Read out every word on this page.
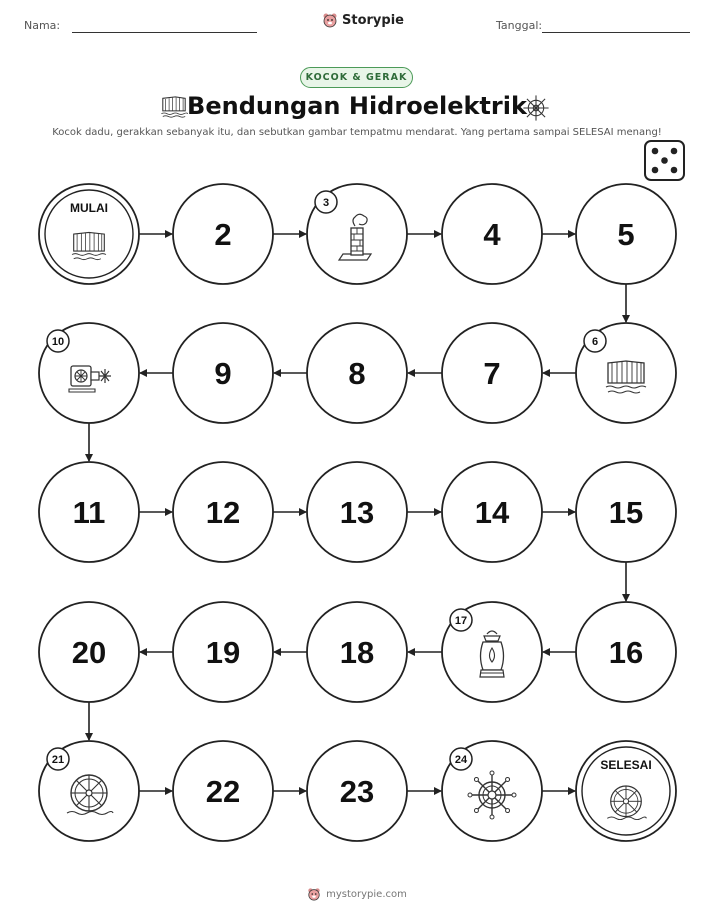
Nama:	Storypie	Tanggal:
KOCOK & GERAK
Bendungan Hidroelektrik
Kocok dadu, gerakkan sebanyak itu, dan sebutkan gambar tempatmu mendarat. Yang pertama sampai SELESAI menang!
MULAI
2
3
4	5
6
7
8
9
10
11	12	13	14	15
16
17
18
19
20
21
22	23
24	SELESAI
mystorypie.com
